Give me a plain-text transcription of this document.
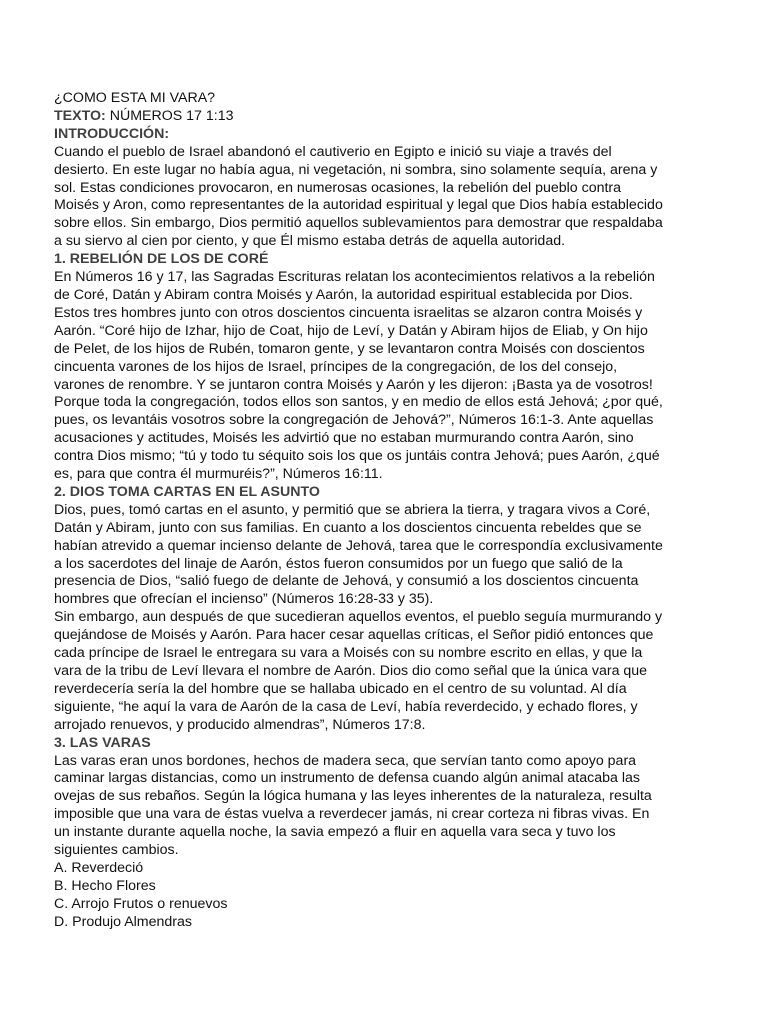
¿COMO ESTA MI VARA?
TEXTO: NÚMEROS 17 1:13
INTRODUCCIÓN:
Cuando el pueblo de Israel abandonó el cautiverio en Egipto e inició su viaje a través del
desierto. En este lugar no había agua, ni vegetación, ni sombra, sino solamente sequía, arena y
sol. Estas condiciones provocaron, en numerosas ocasiones, la rebelión del pueblo contra
Moisés y Aron, como representantes de la autoridad espiritual y legal que Dios había establecido
sobre ellos. Sin embargo, Dios permitió aquellos sublevamientos para demostrar que respaldaba
a su siervo al cien por ciento, y que Él mismo estaba detrás de aquella autoridad.
1. REBELIÓN DE LOS DE CORÉ
En Números 16 y 17, las Sagradas Escrituras relatan los acontecimientos relativos a la rebelión
de Coré, Datán y Abiram contra Moisés y Aarón, la autoridad espiritual establecida por Dios.
Estos tres hombres junto con otros doscientos cincuenta israelitas se alzaron contra Moisés y
Aarón. “Coré hijo de Izhar, hijo de Coat, hijo de Leví, y Datán y Abiram hijos de Eliab, y On hijo
de Pelet, de los hijos de Rubén, tomaron gente, y se levantaron contra Moisés con doscientos
cincuenta varones de los hijos de Israel, príncipes de la congregación, de los del consejo,
varones de renombre. Y se juntaron contra Moisés y Aarón y les dijeron: ¡Basta ya de vosotros!
Porque toda la congregación, todos ellos son santos, y en medio de ellos está Jehová; ¿por qué,
pues, os levantáis vosotros sobre la congregación de Jehová?”, Números 16:1-3. Ante aquellas
acusaciones y actitudes, Moisés les advirtió que no estaban murmurando contra Aarón, sino
contra Dios mismo; “tú y todo tu séquito sois los que os juntáis contra Jehová; pues Aarón, ¿qué
es, para que contra él murmuréis?”, Números 16:11.
2. DIOS TOMA CARTAS EN EL ASUNTO
Dios, pues, tomó cartas en el asunto, y permitió que se abriera la tierra, y tragara vivos a Coré,
Datán y Abiram, junto con sus familias. En cuanto a los doscientos cincuenta rebeldes que se
habían atrevido a quemar incienso delante de Jehová, tarea que le correspondía exclusivamente
a los sacerdotes del linaje de Aarón, éstos fueron consumidos por un fuego que salió de la
presencia de Dios, “salió fuego de delante de Jehová, y consumió a los doscientos cincuenta
hombres que ofrecían el incienso” (Números 16:28-33 y 35).
Sin embargo, aun después de que sucedieran aquellos eventos, el pueblo seguía murmurando y
quejándose de Moisés y Aarón. Para hacer cesar aquellas críticas, el Señor pidió entonces que
cada príncipe de Israel le entregara su vara a Moisés con su nombre escrito en ellas, y que la
vara de la tribu de Leví llevara el nombre de Aarón. Dios dio como señal que la única vara que
reverdecería sería la del hombre que se hallaba ubicado en el centro de su voluntad. Al día
siguiente, “he aquí la vara de Aarón de la casa de Leví, había reverdecido, y echado flores, y
arrojado renuevos, y producido almendras”, Números 17:8.
3. LAS VARAS
Las varas eran unos bordones, hechos de madera seca, que servían tanto como apoyo para
caminar largas distancias, como un instrumento de defensa cuando algún animal atacaba las
ovejas de sus rebaños. Según la lógica humana y las leyes inherentes de la naturaleza, resulta
imposible que una vara de éstas vuelva a reverdecer jamás, ni crear corteza ni fibras vivas. En
un instante durante aquella noche, la savia empezó a fluir en aquella vara seca y tuvo los
siguientes cambios.
A. Reverdeció
B. Hecho Flores
C. Arrojo Frutos o renuevos
D. Produjo Almendras
